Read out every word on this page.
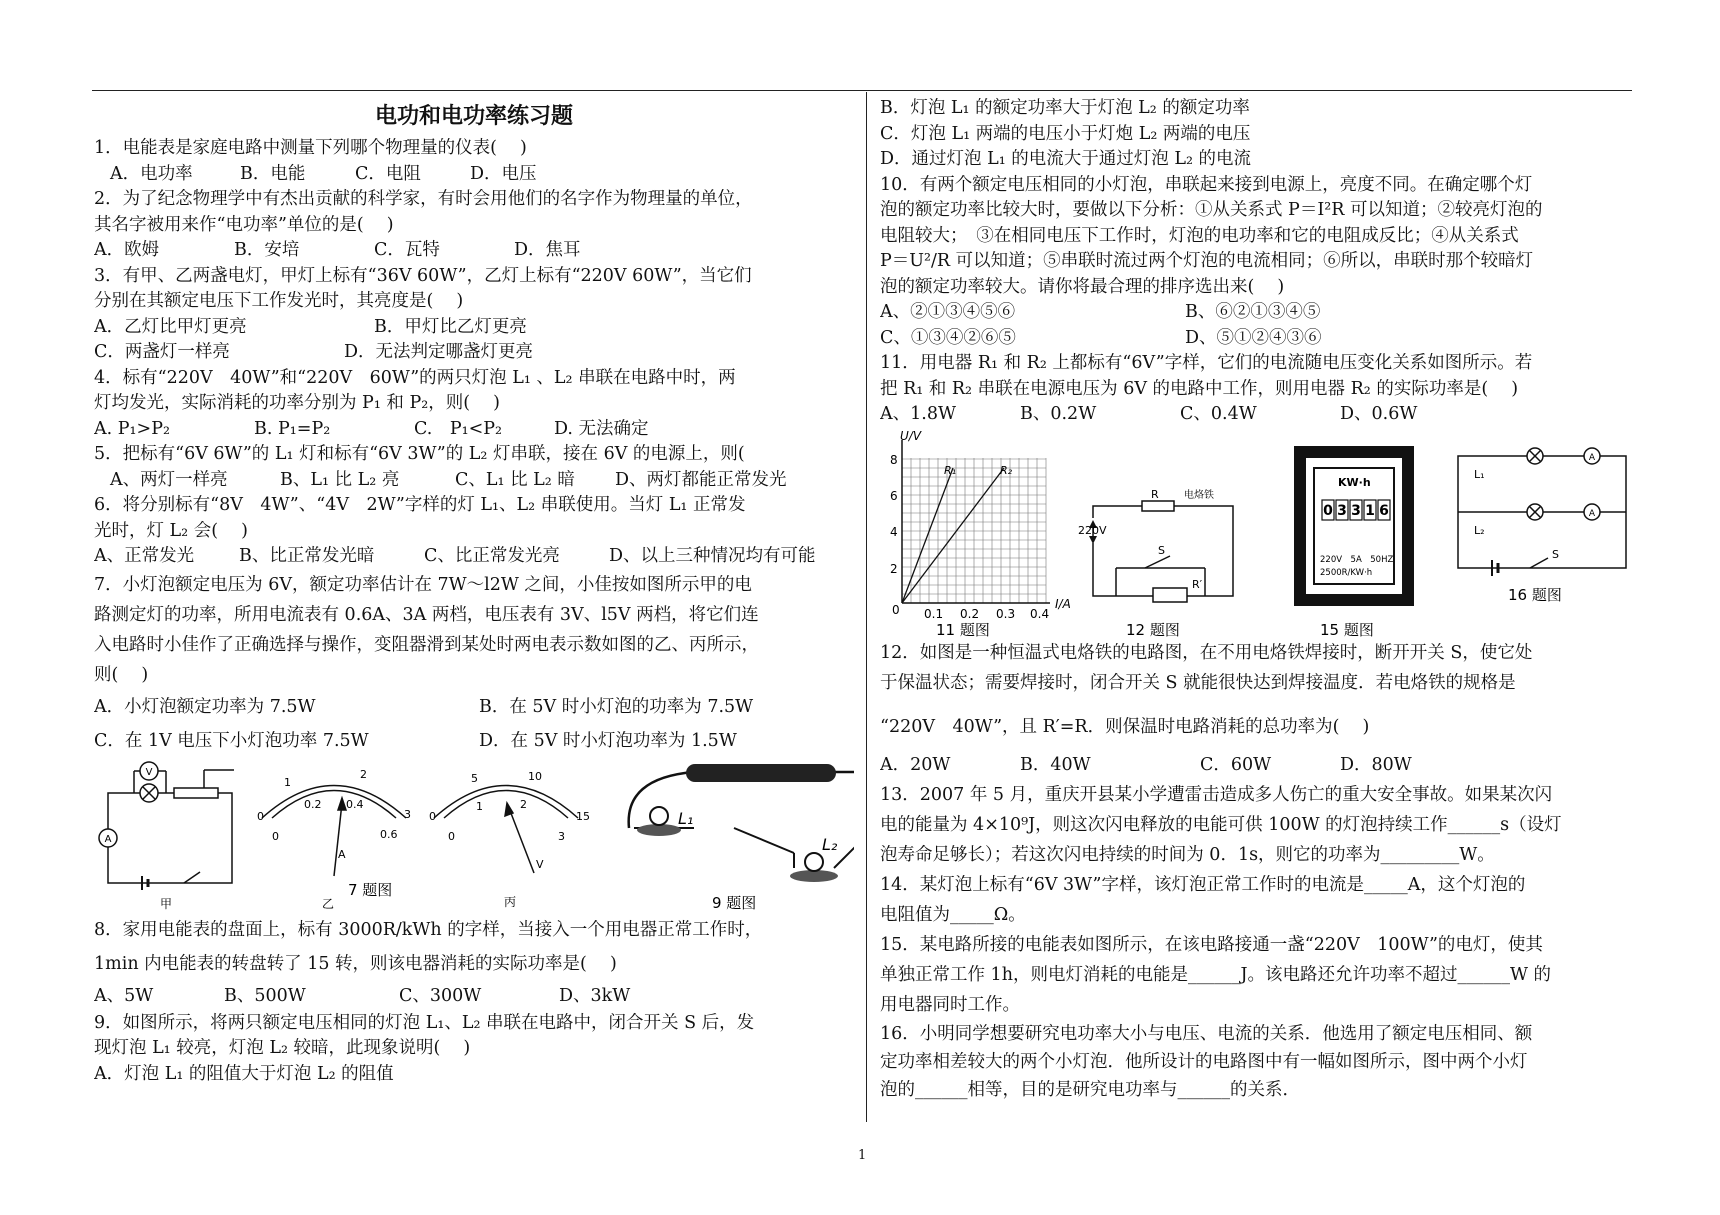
电功和电功率练习题
1．电能表是家庭电路中测量下列哪个物理量的仪表(　 )
A．电功率	B．电能	C．电阻	D．电压
2．为了纪念物理学中有杰出贡献的科学家，有时会用他们的名字作为物理量的单位，
其名字被用来作“电功率”单位的是(　 )
A．欧姆	B．安培	C．瓦特	D．焦耳
3．有甲、乙两盏电灯，甲灯上标有“36V 60W”，乙灯上标有“220V 60W”，当它们
分别在其额定电压下工作发光时，其亮度是(　 )
A．乙灯比甲灯更亮	B．甲灯比乙灯更亮
C．两盏灯一样亮	D．无法判定哪盏灯更亮
4．标有“220V　40W”和“220V　60W”的两只灯泡 L₁ 、L₂ 串联在电路中时，两
灯均发光，实际消耗的功率分别为 P₁ 和 P₂，则(　 )
A. P₁>P₂	B. P₁=P₂	C.　P₁<P₂	D. 无法确定
5．把标有“6V 6W”的 L₁ 灯和标有“6V 3W”的 L₂ 灯串联，接在 6V 的电源上，则(
A、两灯一样亮	B、L₁ 比 L₂ 亮	C、L₁ 比 L₂ 暗	D、两灯都能正常发光
6．将分别标有“8V　4W”、“4V　2W”字样的灯 L₁、L₂ 串联使用。当灯 L₁ 正常发
光时，灯 L₂ 会(　 )
A、正常发光	B、比正常发光暗	C、比正常发光亮	D、以上三种情况均有可能
7．小灯泡额定电压为 6V，额定功率估计在 7W～l2W 之间，小佳按如图所示甲的电
路测定灯的功率，所用电流表有 0.6A、3A 两档，电压表有 3V、l5V 两档，将它们连
入电路时小佳作了正确选择与操作，变阻器滑到某处时两电表示数如图的乙、丙所示，
则(　 )
A．小灯泡额定功率为 7.5W	B．在 5V 时小灯泡的功率为 7.5W
C．在 1V 电压下小灯泡功率 7.5W	D．在 5V 时小灯泡功率为 1.5W
V
A
甲
0
0.2 0.4
0.6
1
2
3
0
A
乙
0
5	10
15
1	2
3
0
V
丙
7 题图
L₁
L₂
9 题图
8．家用电能表的盘面上，标有 3000R/kWh 的字样，当接入一个用电器正常工作时，
1min 内电能表的转盘转了 15 转，则该电器消耗的实际功率是(　 )
A、5W	B、500W	C、300W	D、3kW
9．如图所示，将两只额定电压相同的灯泡 L₁、L₂ 串联在电路中，闭合开关 S 后，发
现灯泡 L₁ 较亮，灯泡 L₂ 较暗，此现象说明(　 )
A．灯泡 L₁ 的阻值大于灯泡 L₂ 的阻值
B．灯泡 L₁ 的额定功率大于灯泡 L₂ 的额定功率
C．灯泡 L₁ 两端的电压小于灯炮 L₂ 两端的电压
D．通过灯泡 L₁ 的电流大于通过灯泡 L₂ 的电流
10．有两个额定电压相同的小灯泡，串联起来接到电源上，亮度不同。在确定哪个灯
泡的额定功率比较大时，要做以下分析：①从关系式 P＝I²R 可以知道；②较亮灯泡的
电阻较大；　③在相同电压下工作时，灯泡的电功率和它的电阻成反比；④从关系式
P＝U²/R 可以知道；⑤串联时流过两个灯泡的电流相同；⑥所以，串联时那个较暗灯
泡的额定功率较大。请你将最合理的排序选出来(　 )
A、②①③④⑤⑥	B、⑥②①③④⑤
C、①③④②⑥⑤	D、⑤①②④③⑥
11．用电器 R₁ 和 R₂ 上都标有“6V”字样，它们的电流随电压变化关系如图所示。若
把 R₁ 和 R₂ 串联在电源电压为 6V 的电路中工作，则用电器 R₂ 的实际功率是(　 )
A、1.8W	B、0.2W	C、0.4W	D、0.6W
U/V
I/A
2
4
6
8
0 0.1 0.2 0.3 0.4
R₁	R₂
11 题图
R	电烙铁
220V
S
R′
12 题图
0 3 3 1 6
KW·h
220V　5A　50HZ
2500R/KW·h
15 题图
A
A
L₁
L₂
S
16 题图
12．如图是一种恒温式电烙铁的电路图，在不用电烙铁焊接时，断开开关 S，使它处
于保温状态；需要焊接时，闭合开关 S 就能很快达到焊接温度．若电烙铁的规格是
“220V　40W”，且 R′=R．则保温时电路消耗的总功率为(　 )
A．20W	B．40W	C．60W	D．80W
13．2007 年 5 月，重庆开县某小学遭雷击造成多人伤亡的重大安全事故。如果某次闪
电的能量为 4×10⁹J，则这次闪电释放的电能可供 100W 的灯泡持续工作______s（设灯
泡寿命足够长）；若这次闪电持续的时间为 0．1s，则它的功率为_________W。
14．某灯泡上标有“6V 3W”字样，该灯泡正常工作时的电流是_____A，这个灯泡的
电阻值为_____Ω。
15．某电路所接的电能表如图所示，在该电路接通一盏“220V　100W”的电灯，使其
单独正常工作 1h，则电灯消耗的电能是______J。该电路还允许功率不超过______W 的
用电器同时工作。
16．小明同学想要研究电功率大小与电压、电流的关系．他选用了额定电压相同、额
定功率相差较大的两个小灯泡．他所设计的电路图中有一幅如图所示，图中两个小灯
泡的______相等，目的是研究电功率与______的关系．
1
